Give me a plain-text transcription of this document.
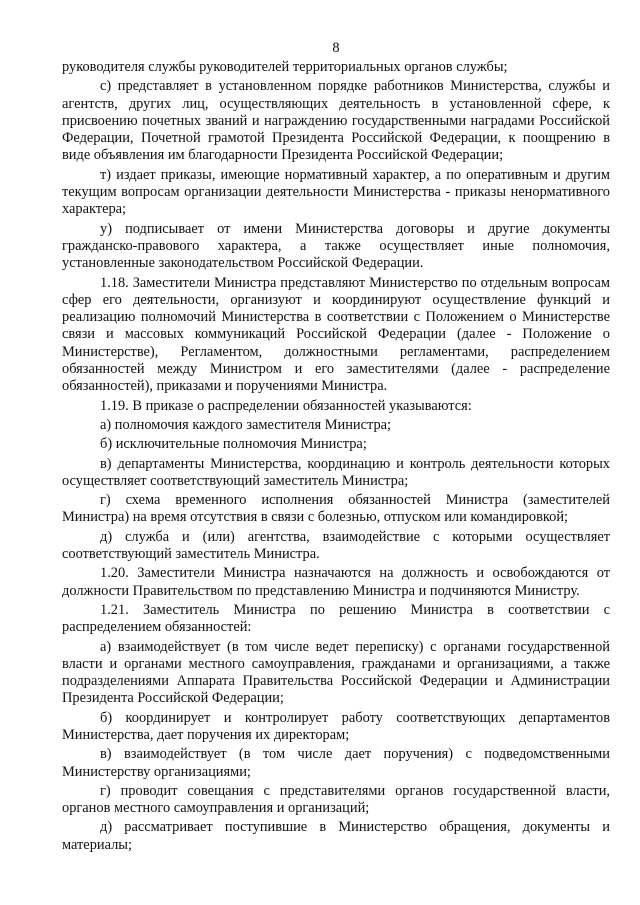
8

руководителя службы руководителей территориальных органов службы;

с) представляет в установленном порядке работников Министерства, службы и агентств, других лиц, осуществляющих деятельность в установленной сфере, к присвоению почетных званий и награждению государственными наградами Российской Федерации, Почетной грамотой Президента Российской Федерации, к поощрению в виде объявления им благодарности Президента Российской Федерации;

т) издает приказы, имеющие нормативный характер, а по оперативным и другим текущим вопросам организации деятельности Министерства - приказы ненормативного характера;

у) подписывает от имени Министерства договоры и другие документы гражданско-правового характера, а также осуществляет иные полномочия, установленные законодательством Российской Федерации.

1.18. Заместители Министра представляют Министерство по отдельным вопросам сфер его деятельности, организуют и координируют осуществление функций и реализацию полномочий Министерства в соответствии с Положением о Министерстве связи и массовых коммуникаций Российской Федерации (далее - Положение о Министерстве), Регламентом, должностными регламентами, распределением обязанностей между Министром и его заместителями (далее - распределение обязанностей), приказами и поручениями Министра.

1.19. В приказе о распределении обязанностей указываются:

а) полномочия каждого заместителя Министра;

б) исключительные полномочия Министра;

в) департаменты Министерства, координацию и контроль деятельности которых осуществляет соответствующий заместитель Министра;

г) схема временного исполнения обязанностей Министра (заместителей Министра) на время отсутствия в связи с болезнью, отпуском или командировкой;

д) служба и (или) агентства, взаимодействие с которыми осуществляет соответствующий заместитель Министра.

1.20. Заместители Министра назначаются на должность и освобождаются от должности Правительством по представлению Министра и подчиняются Министру.

1.21. Заместитель Министра по решению Министра в соответствии с распределением обязанностей:

а) взаимодействует (в том числе ведет переписку) с органами государственной власти и органами местного самоуправления, гражданами и организациями, а также подразделениями Аппарата Правительства Российской Федерации и Администрации Президента Российской Федерации;

б) координирует и контролирует работу соответствующих департаментов Министерства, дает поручения их директорам;

в) взаимодействует (в том числе дает поручения) с подведомственными Министерству организациями;

г) проводит совещания с представителями органов государственной власти, органов местного самоуправления и организаций;

д) рассматривает поступившие в Министерство обращения, документы и материалы;
